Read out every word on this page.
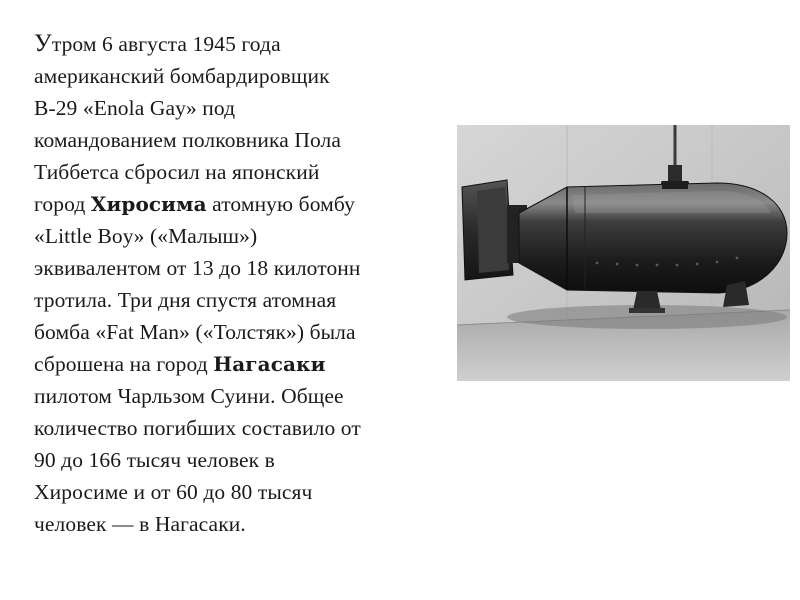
Утром 6 августа 1945 года
американский бомбардировщик
B-29 «Enola Gay» под
командованием полковника Пола
Тиббетса сбросил на японский
город Хиросима атомную бомбу
«Little Boy» («Малыш»)
эквивалентом от 13 до 18 килотонн
тротила. Три дня спустя атомная
бомба «Fat Man» («Толстяк») была
сброшена на город Нагасаки
пилотом Чарльзом Суини. Общее
количество погибших составило от
90 до 166 тысяч человек в
Хиросиме и от 60 до 80 тысяч
человек — в Нагасаки.
